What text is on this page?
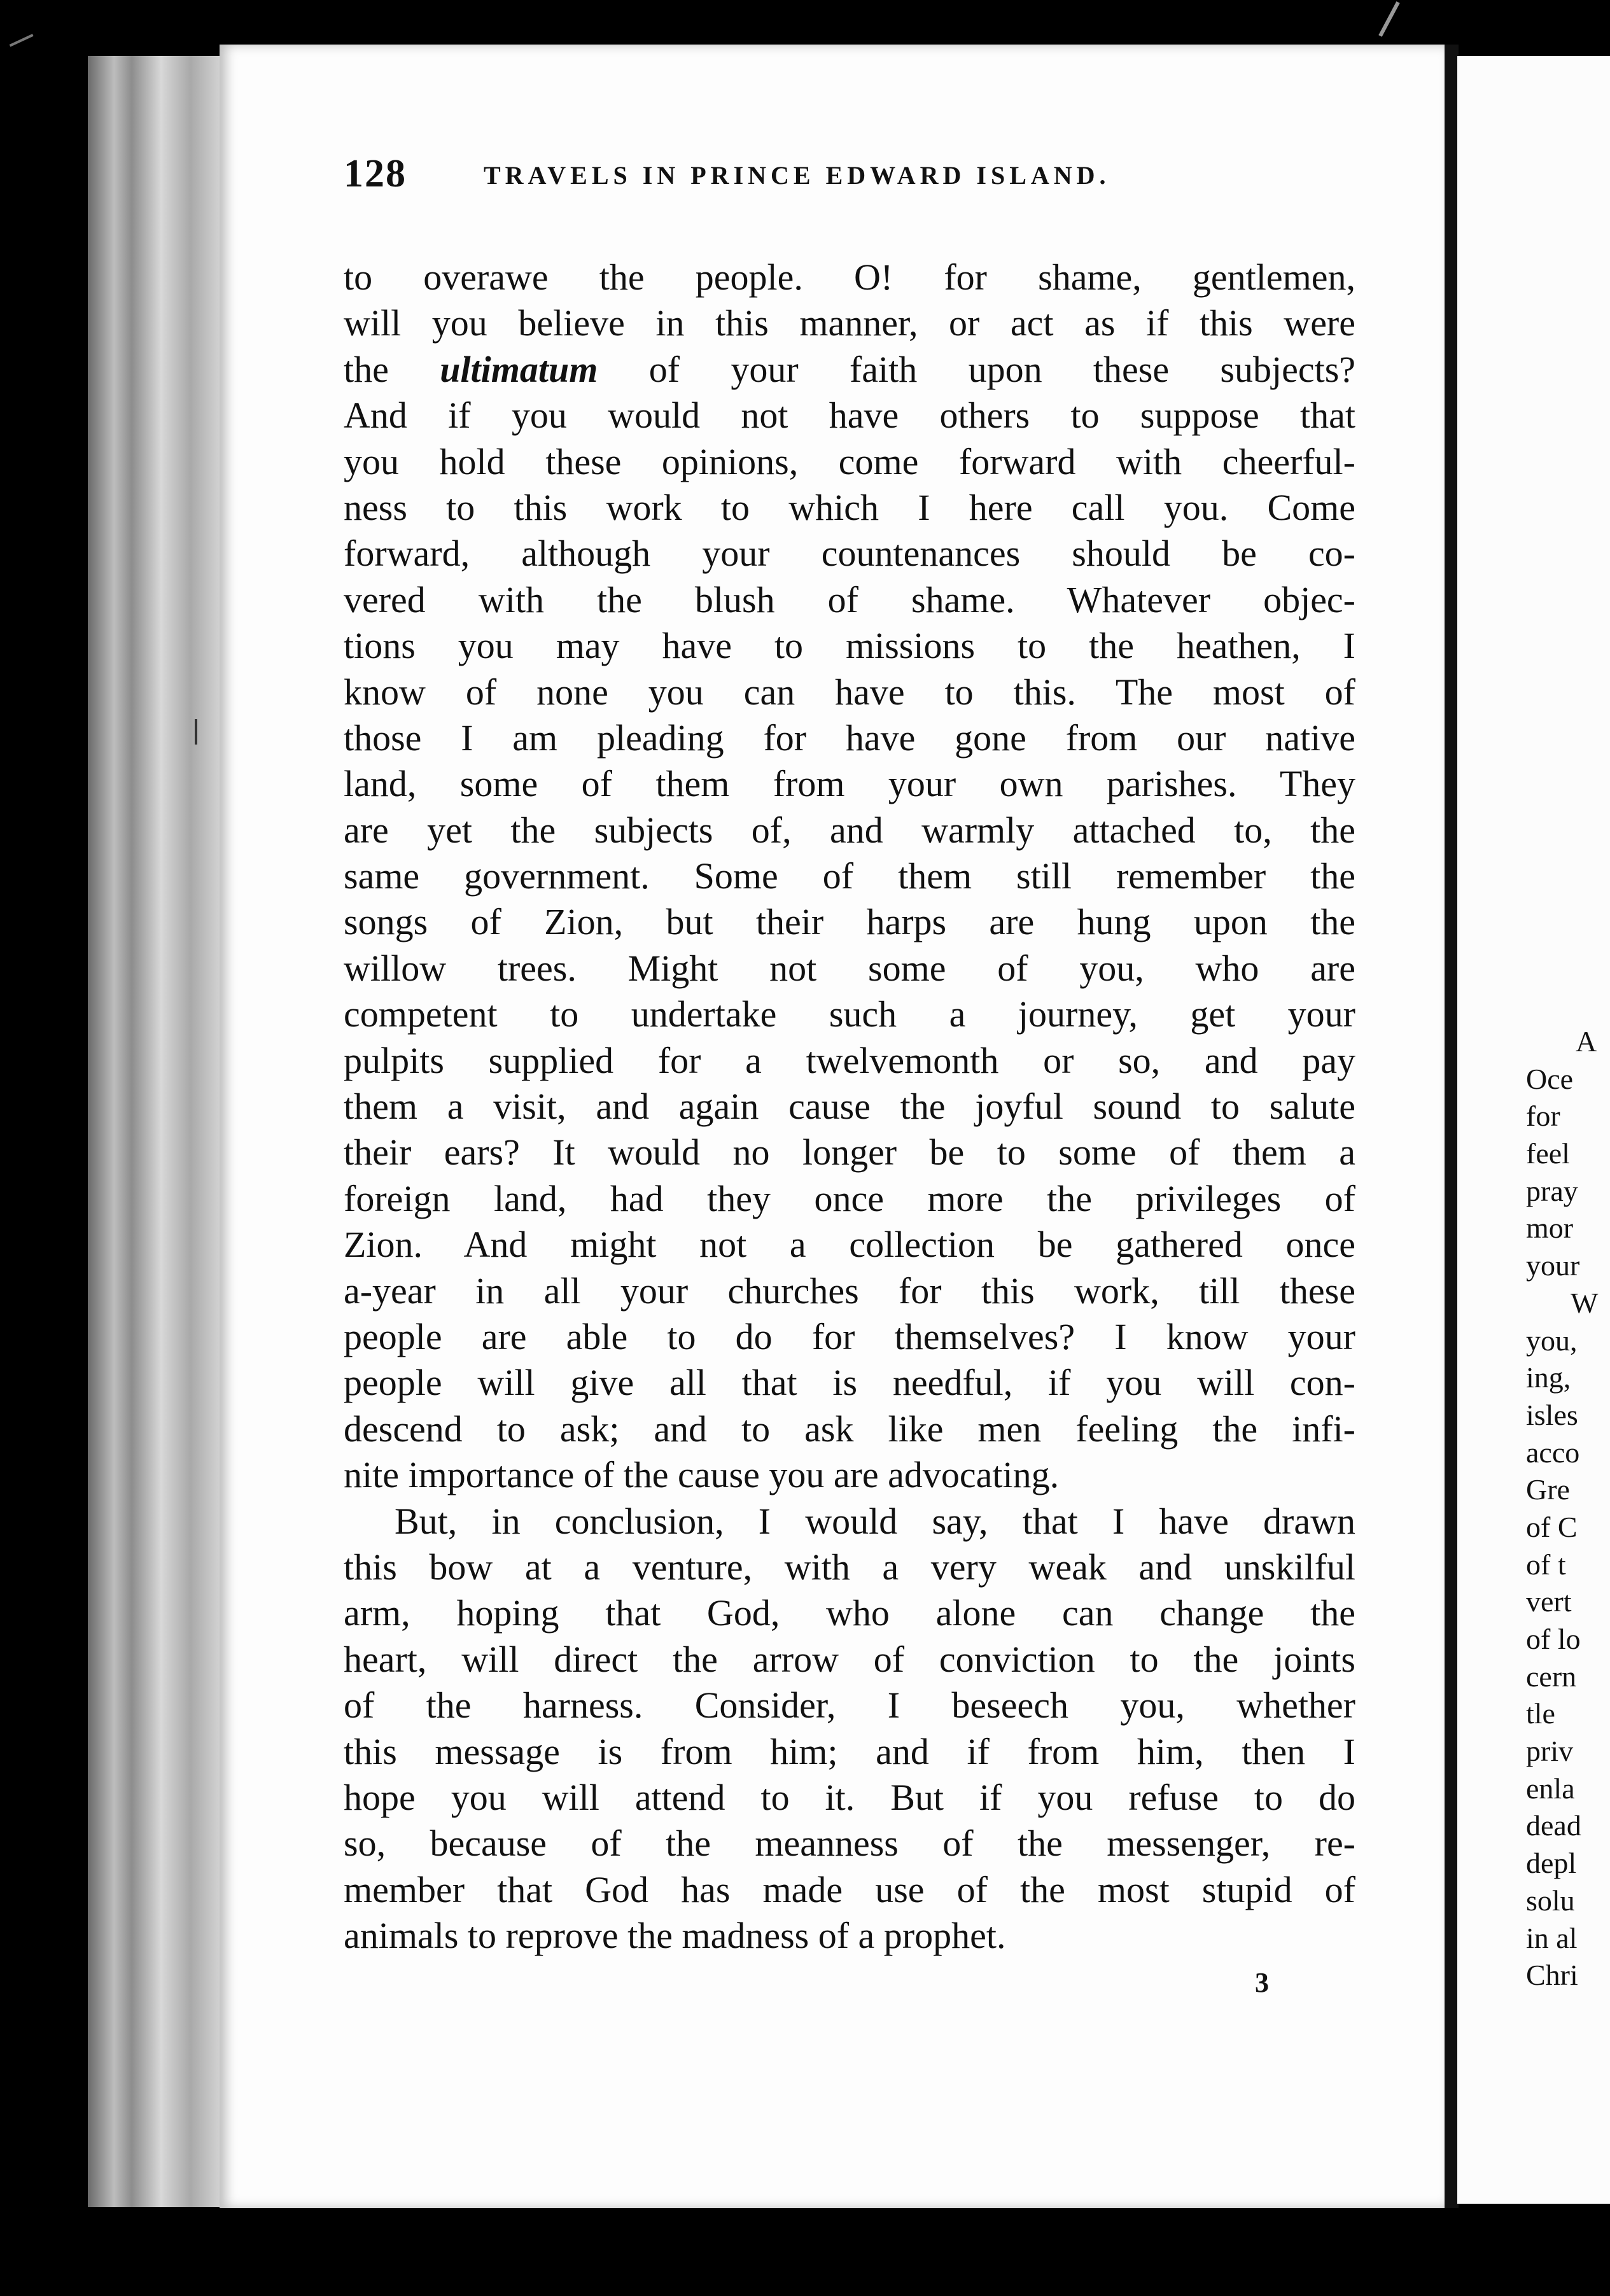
128	TRAVELS IN PRINCE EDWARD ISLAND.
to overawe the people. O! for shame, gentlemen,
will you believe in this manner, or act as if this were
the ultimatum of your faith upon these subjects?
And if you would not have others to suppose that
you hold these opinions, come forward with cheerful-
ness to this work to which I here call you. Come
forward, although your countenances should be co-
vered with the blush of shame. Whatever objec-
tions you may have to missions to the heathen, I
know of none you can have to this. The most of
those I am pleading for have gone from our native
land, some of them from your own parishes. They
are yet the subjects of, and warmly attached to, the
same government. Some of them still remember the
songs of Zion, but their harps are hung upon the
willow trees. Might not some of you, who are
competent to undertake such a journey, get your
pulpits supplied for a twelvemonth or so, and pay
them a visit, and again cause the joyful sound to salute
their ears? It would no longer be to some of them a
foreign land, had they once more the privileges of
Zion. And might not a collection be gathered once
a-year in all your churches for this work, till these
people are able to do for themselves? I know your
people will give all that is needful, if you will con-
descend to ask; and to ask like men feeling the infi-
nite importance of the cause you are advocating.
But, in conclusion, I would say, that I have drawn
this bow at a venture, with a very weak and unskilful
arm, hoping that God, who alone can change the
heart, will direct the arrow of conviction to the joints
of the harness. Consider, I beseech you, whether
this message is from him; and if from him, then I
hope you will attend to it. But if you refuse to do
so, because of the meanness of the messenger, re-
member that God has made use of the most stupid of
animals to reprove the madness of a prophet.
3
A
Oce
for
feel
pray
mor
your
W
you,
ing,
isles
acco
Gre
of C
of t
vert
of lo
cern
tle
priv
enla
dead
depl
solu
in al
Chri
